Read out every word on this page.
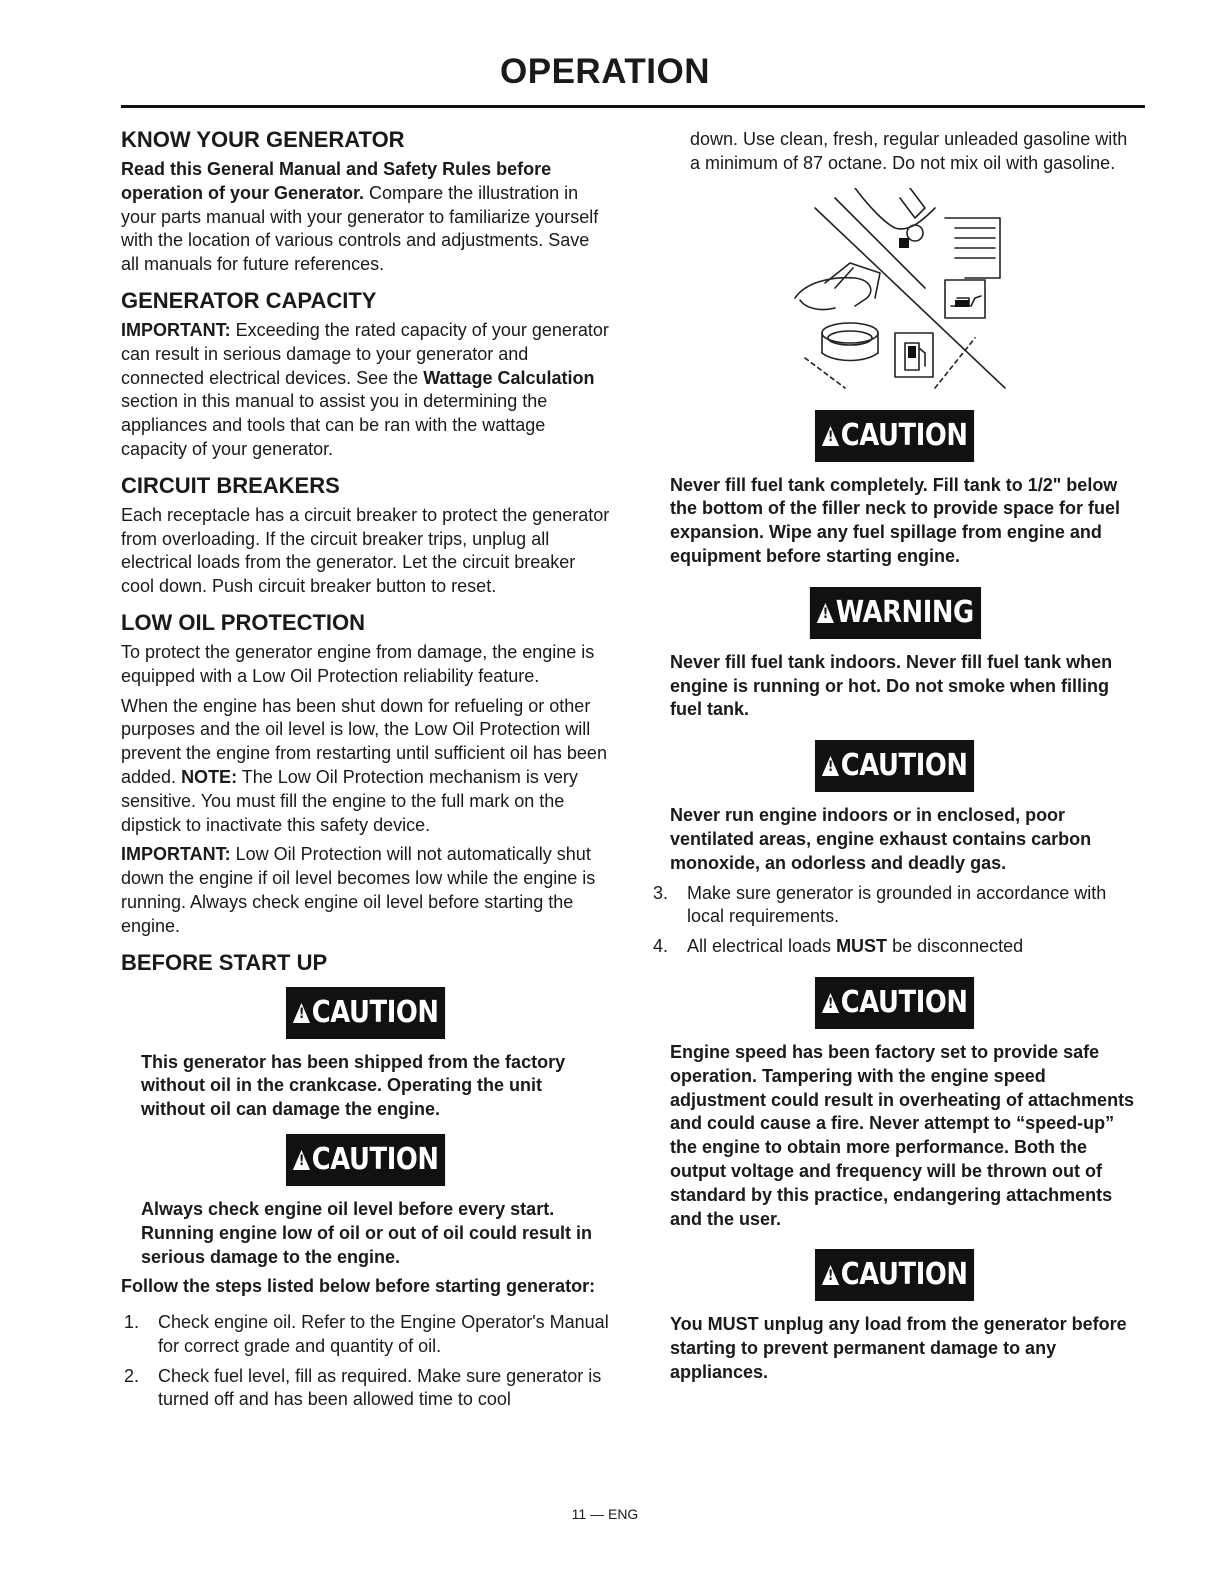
OPERATION
KNOW YOUR GENERATOR

Read this General Manual and Safety Rules before operation of your Generator. Compare the illustration in your parts manual with your generator to familiarize yourself with the location of various controls and adjustments. Save all manuals for future references.

GENERATOR CAPACITY

IMPORTANT: Exceeding the rated capacity of your generator can result in serious damage to your generator and connected electrical devices. See the Wattage Calculation section in this manual to assist you in determining the appliances and tools that can be ran with the wattage capacity of your generator.

CIRCUIT BREAKERS

Each receptacle has a circuit breaker to protect the generator from overloading. If the circuit breaker trips, unplug all electrical loads from the generator. Let the circuit breaker cool down. Push circuit breaker button to reset.

LOW OIL PROTECTION

To protect the generator engine from damage, the engine is equipped with a Low Oil Protection reliability feature.

When the engine has been shut down for refueling or other purposes and the oil level is low, the Low Oil Protection will prevent the engine from restarting until sufficient oil has been added. NOTE: The Low Oil Protection mechanism is very sensitive. You must fill the engine to the full mark on the dipstick to inactivate this safety device.

IMPORTANT: Low Oil Protection will not automatically shut down the engine if oil level becomes low while the engine is running. Always check engine oil level before starting the engine.

BEFORE START UP
!CAUTION

This generator has been shipped from the factory without oil in the crankcase. Operating the unit without oil can damage the engine.

!CAUTION

Always check engine oil level before every start. Running engine low of oil or out of oil could result in serious damage to the engine.

Follow the steps listed below before starting generator:

1. Check engine oil. Refer to the Engine Operator's Manual for correct grade and quantity of oil.
2. Check fuel level, fill as required. Make sure generator is turned off and has been allowed time to cool

down. Use clean, fresh, regular unleaded gasoline with a minimum of 87 octane. Do not mix oil with gasoline.

!CAUTION

Never fill fuel tank completely. Fill tank to 1/2" below the bottom of the filler neck to provide space for fuel expansion. Wipe any fuel spillage from engine and equipment before starting engine.

!WARNING

Never fill fuel tank indoors. Never fill fuel tank when engine is running or hot. Do not smoke when filling fuel tank.

!CAUTION

Never run engine indoors or in enclosed, poor ventilated areas, engine exhaust contains carbon monoxide, an odorless and deadly gas.

3. Make sure generator is grounded in accordance with local requirements.
4. All electrical loads MUST be disconnected
!CAUTION

Engine speed has been factory set to provide safe operation. Tampering with the engine speed adjustment could result in overheating of attachments and could cause a fire. Never attempt to “speed-up” the engine to obtain more performance. Both the output voltage and frequency will be thrown out of standard by this practice, endangering attachments and the user.

!CAUTION

You MUST unplug any load from the generator before starting to prevent permanent damage to any appliances.

11 — ENG
